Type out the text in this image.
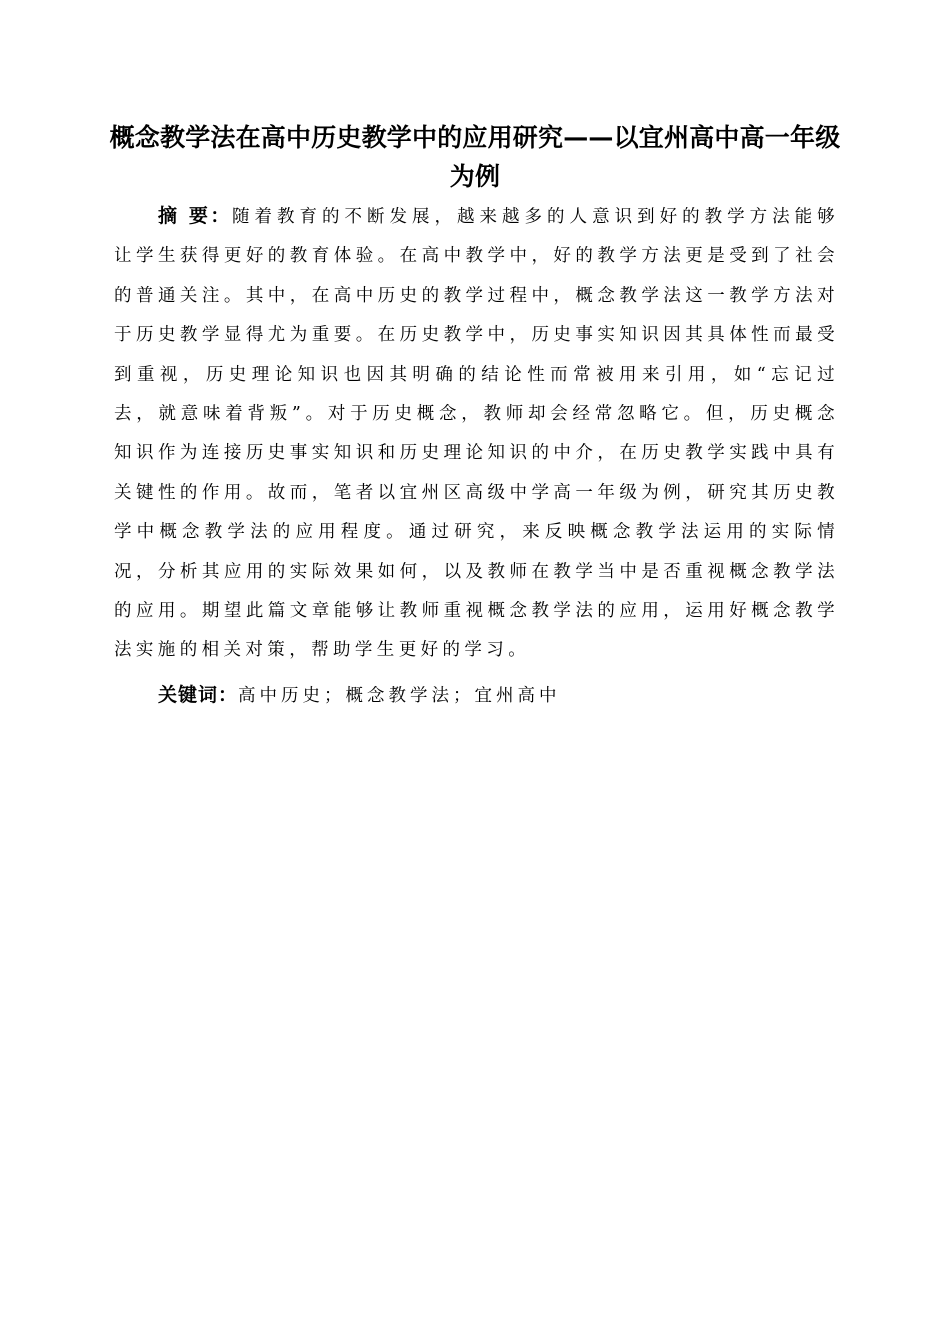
概念教学法在高中历史教学中的应用研究——以宜州高中高一年级为例

摘 要：随着教育的不断发展，越来越多的人意识到好的教学方法能够让学生获得更好的教育体验。在高中教学中，好的教学方法更是受到了社会的普通关注。其中，在高中历史的教学过程中，概念教学法这一教学方法对于历史教学显得尤为重要。在历史教学中，历史事实知识因其具体性而最受到重视，历史理论知识也因其明确的结论性而常被用来引用，如“忘记过去，就意味着背叛”。对于历史概念，教师却会经常忽略它。但，历史概念知识作为连接历史事实知识和历史理论知识的中介，在历史教学实践中具有关键性的作用。故而，笔者以宜州区高级中学高一年级为例，研究其历史教学中概念教学法的应用程度。通过研究，来反映概念教学法运用的实际情况，分析其应用的实际效果如何，以及教师在教学当中是否重视概念教学法的应用。期望此篇文章能够让教师重视概念教学法的应用，运用好概念教学法实施的相关对策，帮助学生更好的学习。

关键词：高中历史；概念教学法；宜州高中
